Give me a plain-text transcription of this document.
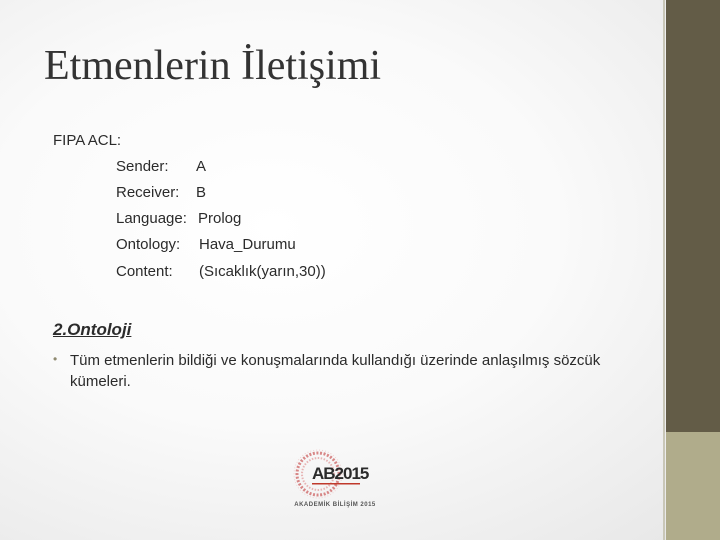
Etmenlerin İletişimi
FIPA ACL:
Sender: A
Receiver: B
Language: Prolog
Ontology: Hava_Durumu
Content: (Sıcaklık(yarın,30))
2.Ontoloji
• Tüm etmenlerin bildiği ve konuşmalarında kullandığı üzerinde anlaşılmış sözcük kümeleri.
AB2015
AKADEMİK BİLİŞİM 2015
